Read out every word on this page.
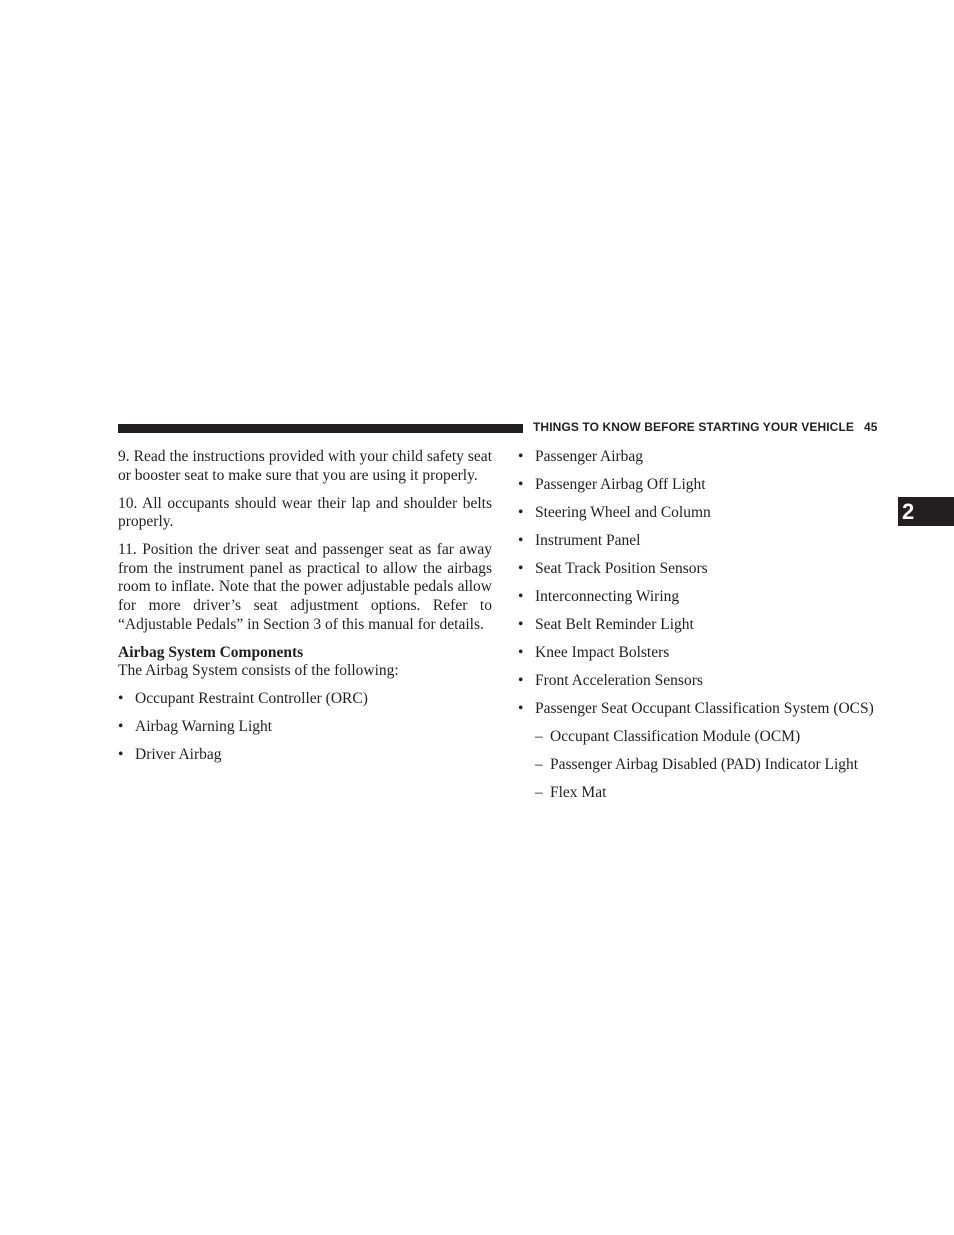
THINGS TO KNOW BEFORE STARTING YOUR VEHICLE 45
2

9. Read the instructions provided with your child safety seat or booster seat to make sure that you are using it properly.

10. All occupants should wear their lap and shoulder belts properly.

11. Position the driver seat and passenger seat as far away from the instrument panel as practical to allow the airbags room to inflate. Note that the power adjustable pedals allow for more driver’s seat adjustment options. Refer to “Adjustable Pedals” in Section 3 of this manual for details.

Airbag System Components

The Airbag System consists of the following:

• Occupant Restraint Controller (ORC)
• Airbag Warning Light
• Driver Airbag
• Passenger Airbag
• Passenger Airbag Off Light
• Steering Wheel and Column
• Instrument Panel
• Seat Track Position Sensors
• Interconnecting Wiring
• Seat Belt Reminder Light
• Knee Impact Bolsters
• Front Acceleration Sensors
• Passenger Seat Occupant Classification System (OCS)
– Occupant Classification Module (OCM)
– Passenger Airbag Disabled (PAD) Indicator Light
– Flex Mat
